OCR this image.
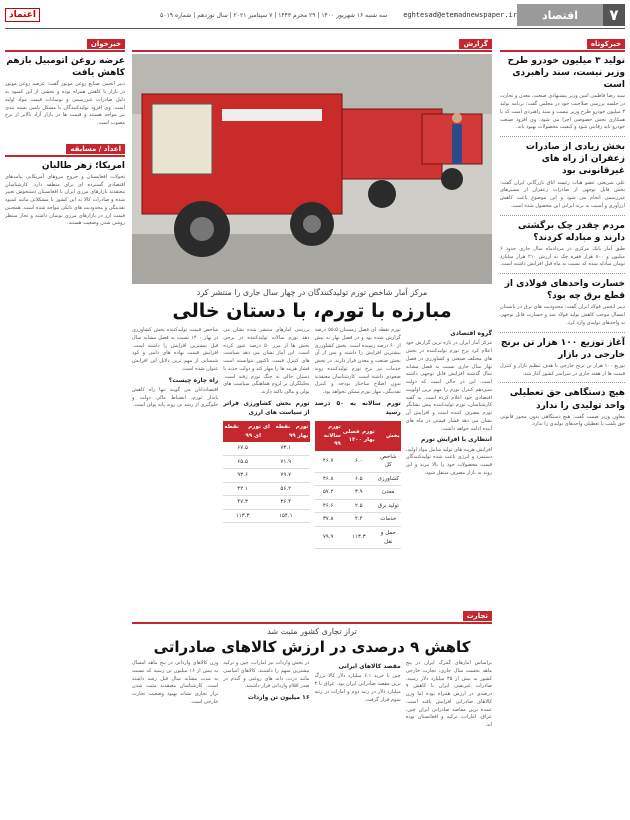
۷
اقتصاد
eghtesad@etemadnewspaper.ir
سه شنبه ۱۶ شهریور ۱۴۰۰ | ۲۹ محرم ۱۴۴۳ | ۷ سپتامبر ۲۰۲۱ | سال نوزدهم | شماره ۵۰۱۹
اعتماد
خبرکوتاه
تولید ۳ میلیون خودرو طرح وزیر نیست، سند راهبردی است
سید رضا فاطمی امین وزیر پیشنهادی صنعت، معدن و تجارت در جلسه بررسی صلاحیت خود در مجلس گفت: برنامه تولید ۳ میلیون خودرو طرح وزیر نیست و سند راهبردی است که با همکاری بخش خصوصی اجرا می شود. وی افزود صنعت خودرو باید رقابتی شود و کیفیت محصولات بهبود یابد.
بخش زیادی از صادرات زعفران از راه های غیرقانونی بود
علی شریعتی عضو هیات رئیسه اتاق بازرگانی ایران گفت: بخش قابل توجهی از صادرات زعفران از مسیرهای غیررسمی انجام می شود و این موضوع باعث کاهش ارزآوری و آسیب به برند ایرانی این محصول شده است.
مردم چقدر چک برگشتی دارند و مبادله کردند؟
طبق آمار بانک مرکزی در مردادماه سال جاری حدود ۶ میلیون و ۸۰۰ هزار فقره چک به ارزش ۲۱۰ هزار میلیارد تومان مبادله شده که نسبت به ماه قبل افزایش داشته است.
خسارت واحدهای فولادی از قطع برق چه بود؟
دبیر انجمن فولاد ایران گفت: محدودیت های برق در تابستان امسال موجب کاهش تولید فولاد شد و خسارت قابل توجهی به واحدهای تولیدی وارد کرد.
آغاز توزیع ۱۰۰ هزار تن برنج خارجی در بازار
توزیع ۱۰۰ هزار تن برنج خارجی با هدف تنظیم بازار و کنترل قیمت ها از هفته جاری در سراسر کشور آغاز شد.
هیچ دستگاهی حق تعطیلی واحد تولیدی را ندارد
معاون وزیر صمت گفت: هیچ دستگاهی بدون مجوز قانونی حق پلمب یا تعطیلی واحدهای تولیدی را ندارد.
خبرخوان
عرضه روغن اتومبیل بازهم کاهش یافت
دبیر انجمن صنایع روغن موتور گفت: عرضه روغن موتور در بازار با کاهش همراه بوده و بخشی از این کمبود به دلیل صادرات غیررسمی و نوسانات قیمت مواد اولیه است. وی افزود تولیدکنندگان با مشکل تامین بسته بندی نیز مواجه هستند و قیمت ها در بازار آزاد بالاتر از نرخ مصوب است.
اعداد / مسابقه
امریکا؛ زهر طالبان
تحولات افغانستان و خروج نیروهای آمریکایی پیامدهای اقتصادی گسترده ای برای منطقه دارد. کارشناسان معتقدند بازارهای مرزی ایران با افغانستان دستخوش تغییر شده و صادرات کالا به این کشور با مشکلاتی مانند کمبود نقدینگی و محدودیت های بانکی مواجه شده است. همچنین قیمت ارز در بازارهای مرزی نوسان داشته و تجار منتظر روشن شدن وضعیت هستند.
گزارش
مرکز آمار شاخص تورم تولیدکنندگان در چهار سال جاری را منتشر کرد
مبارزه با تورم، با دستان خالی
گروه اقتصادی
مرکز آمار ایران در تازه ترین گزارش خود اعلام کرد نرخ تورم تولیدکننده در بخش های مختلف صنعتی و کشاورزی در فصل بهار سال جاری نسبت به فصل مشابه سال گذشته افزایش قابل توجهی داشته است. این در حالی است که دولت سیزدهم کنترل تورم را مهم ترین اولویت اقتصادی خود اعلام کرده است. به گفته کارشناسان، تورم تولیدکننده پیش نشانگر تورم مصرف کننده است و افزایش آن نشان می دهد فشار قیمتی در ماه های آینده ادامه خواهد داشت.
انتظاری با افزایش تورم
افزایش هزینه های تولید شامل مواد اولیه، دستمزد و انرژی باعث شده تولیدکنندگان قیمت محصولات خود را بالا ببرند و این روند به بازار مصرف منتقل شود.
تورم نقطه ای فصل زمستان ۵۵.۵ درصد گزارش شده بود و در فصل بهار به بیش از ۶۰ درصد رسیده است. بخش کشاورزی بیشترین افزایش را داشته و پس از آن بخش صنعت و معدن قرار دارند. در بخش خدمات نیز نرخ تورم تولیدکننده روند صعودی داشته است. کارشناسان معتقدند بدون اصلاح ساختار بودجه و کنترل نقدینگی، مهار تورم ممکن نخواهد بود.
تورم سالانه به ۵۰ درصد رسید
بخش	تورم فصلی بهار ۱۴۰۰	تورم سالانه ۹۹
شاخص کل	۶.۰	۴۶.۷
کشاورزی	۶.۵	۴۶.۸
معدن	۳.۹	۵۷.۲
تولید برق	۲.۵	۴۶.۶
خدمات	۴.۴	۳۷.۸
حمل و نقل	۱۱۳.۳	۷۹.۹
بررسی آمارهای منتشر شده نشان می دهد تورم سالانه تولیدکننده در برخی بخش ها از مرز ۵۰ درصد عبور کرده است. این آمار نشان می دهد سیاست های کنترل قیمت تاکنون نتوانسته است فشار هزینه ها را مهار کند و دولت جدید با دستان خالی به جنگ تورم رفته است. تحلیلگران بر لزوم هماهنگی سیاست های پولی و مالی تاکید دارند.
تورم بخش کشاورزی فراتر از سیاست های ارزی
تورم نقطه ای بهار ۹۹	تورم نقطه ای ۹۹
۷۳.۱	۶۷.۵
۷۱.۹	۶۵.۵
۷۹.۷	۹۳.۶
۵۶.۲	۴۲.۱
۳۶.۴	۴۷.۳
۱۵۴.۱	۱۱۳.۳
شاخص قیمت تولیدکننده بخش کشاورزی در بهار ۱۴۰۰ نسبت به فصل مشابه سال قبل بیشترین افزایش را داشته است. افزایش قیمت نهاده های دامی و کود شیمیایی از مهم ترین دلایل این افزایش عنوان شده است.
راه چاره چیست؟
اقتصاددانان می گویند تنها راه کاهش پایدار تورم، انضباط مالی دولت و جلوگیری از رشد بی رویه پایه پولی است.
تجارت
تراز تجاری کشور مثبت شد
کاهش ۹ درصدی در ارزش کالاهای صادراتی
براساس آمارهای گمرک ایران در پنج ماهه نخست سال جاری، تجارت خارجی کشور به بیش از ۳۵ میلیارد دلار رسید. صادرات غیرنفتی ایران با کاهش ۹ درصدی در ارزش همراه بوده اما وزن کالاهای صادراتی افزایش یافته است. عمده ترین مقاصد صادراتی ایران چین، عراق، امارات، ترکیه و افغانستان بوده اند.
مقصد کالاهای ایرانی
چین با خرید ۶.۱ میلیارد دلار کالا بزرگ ترین مقصد صادراتی ایران بود. عراق با ۴ میلیارد دلار در رتبه دوم و امارات در رتبه سوم قرار گرفت.
در بخش واردات نیز امارات، چین و ترکیه بیشترین سهم را داشتند. کالاهای اساسی مانند ذرت، دانه های روغنی و گندم در صدر اقلام وارداتی قرار داشتند.
۱۶ میلیون تن واردات
وزن کالاهای وارداتی در پنج ماهه امسال به بیش از ۱۶ میلیون تن رسید که نسبت به مدت مشابه سال قبل رشد داشته است. کارشناسان معتقدند مثبت شدن تراز تجاری نشانه بهبود وضعیت تجارت خارجی است.
